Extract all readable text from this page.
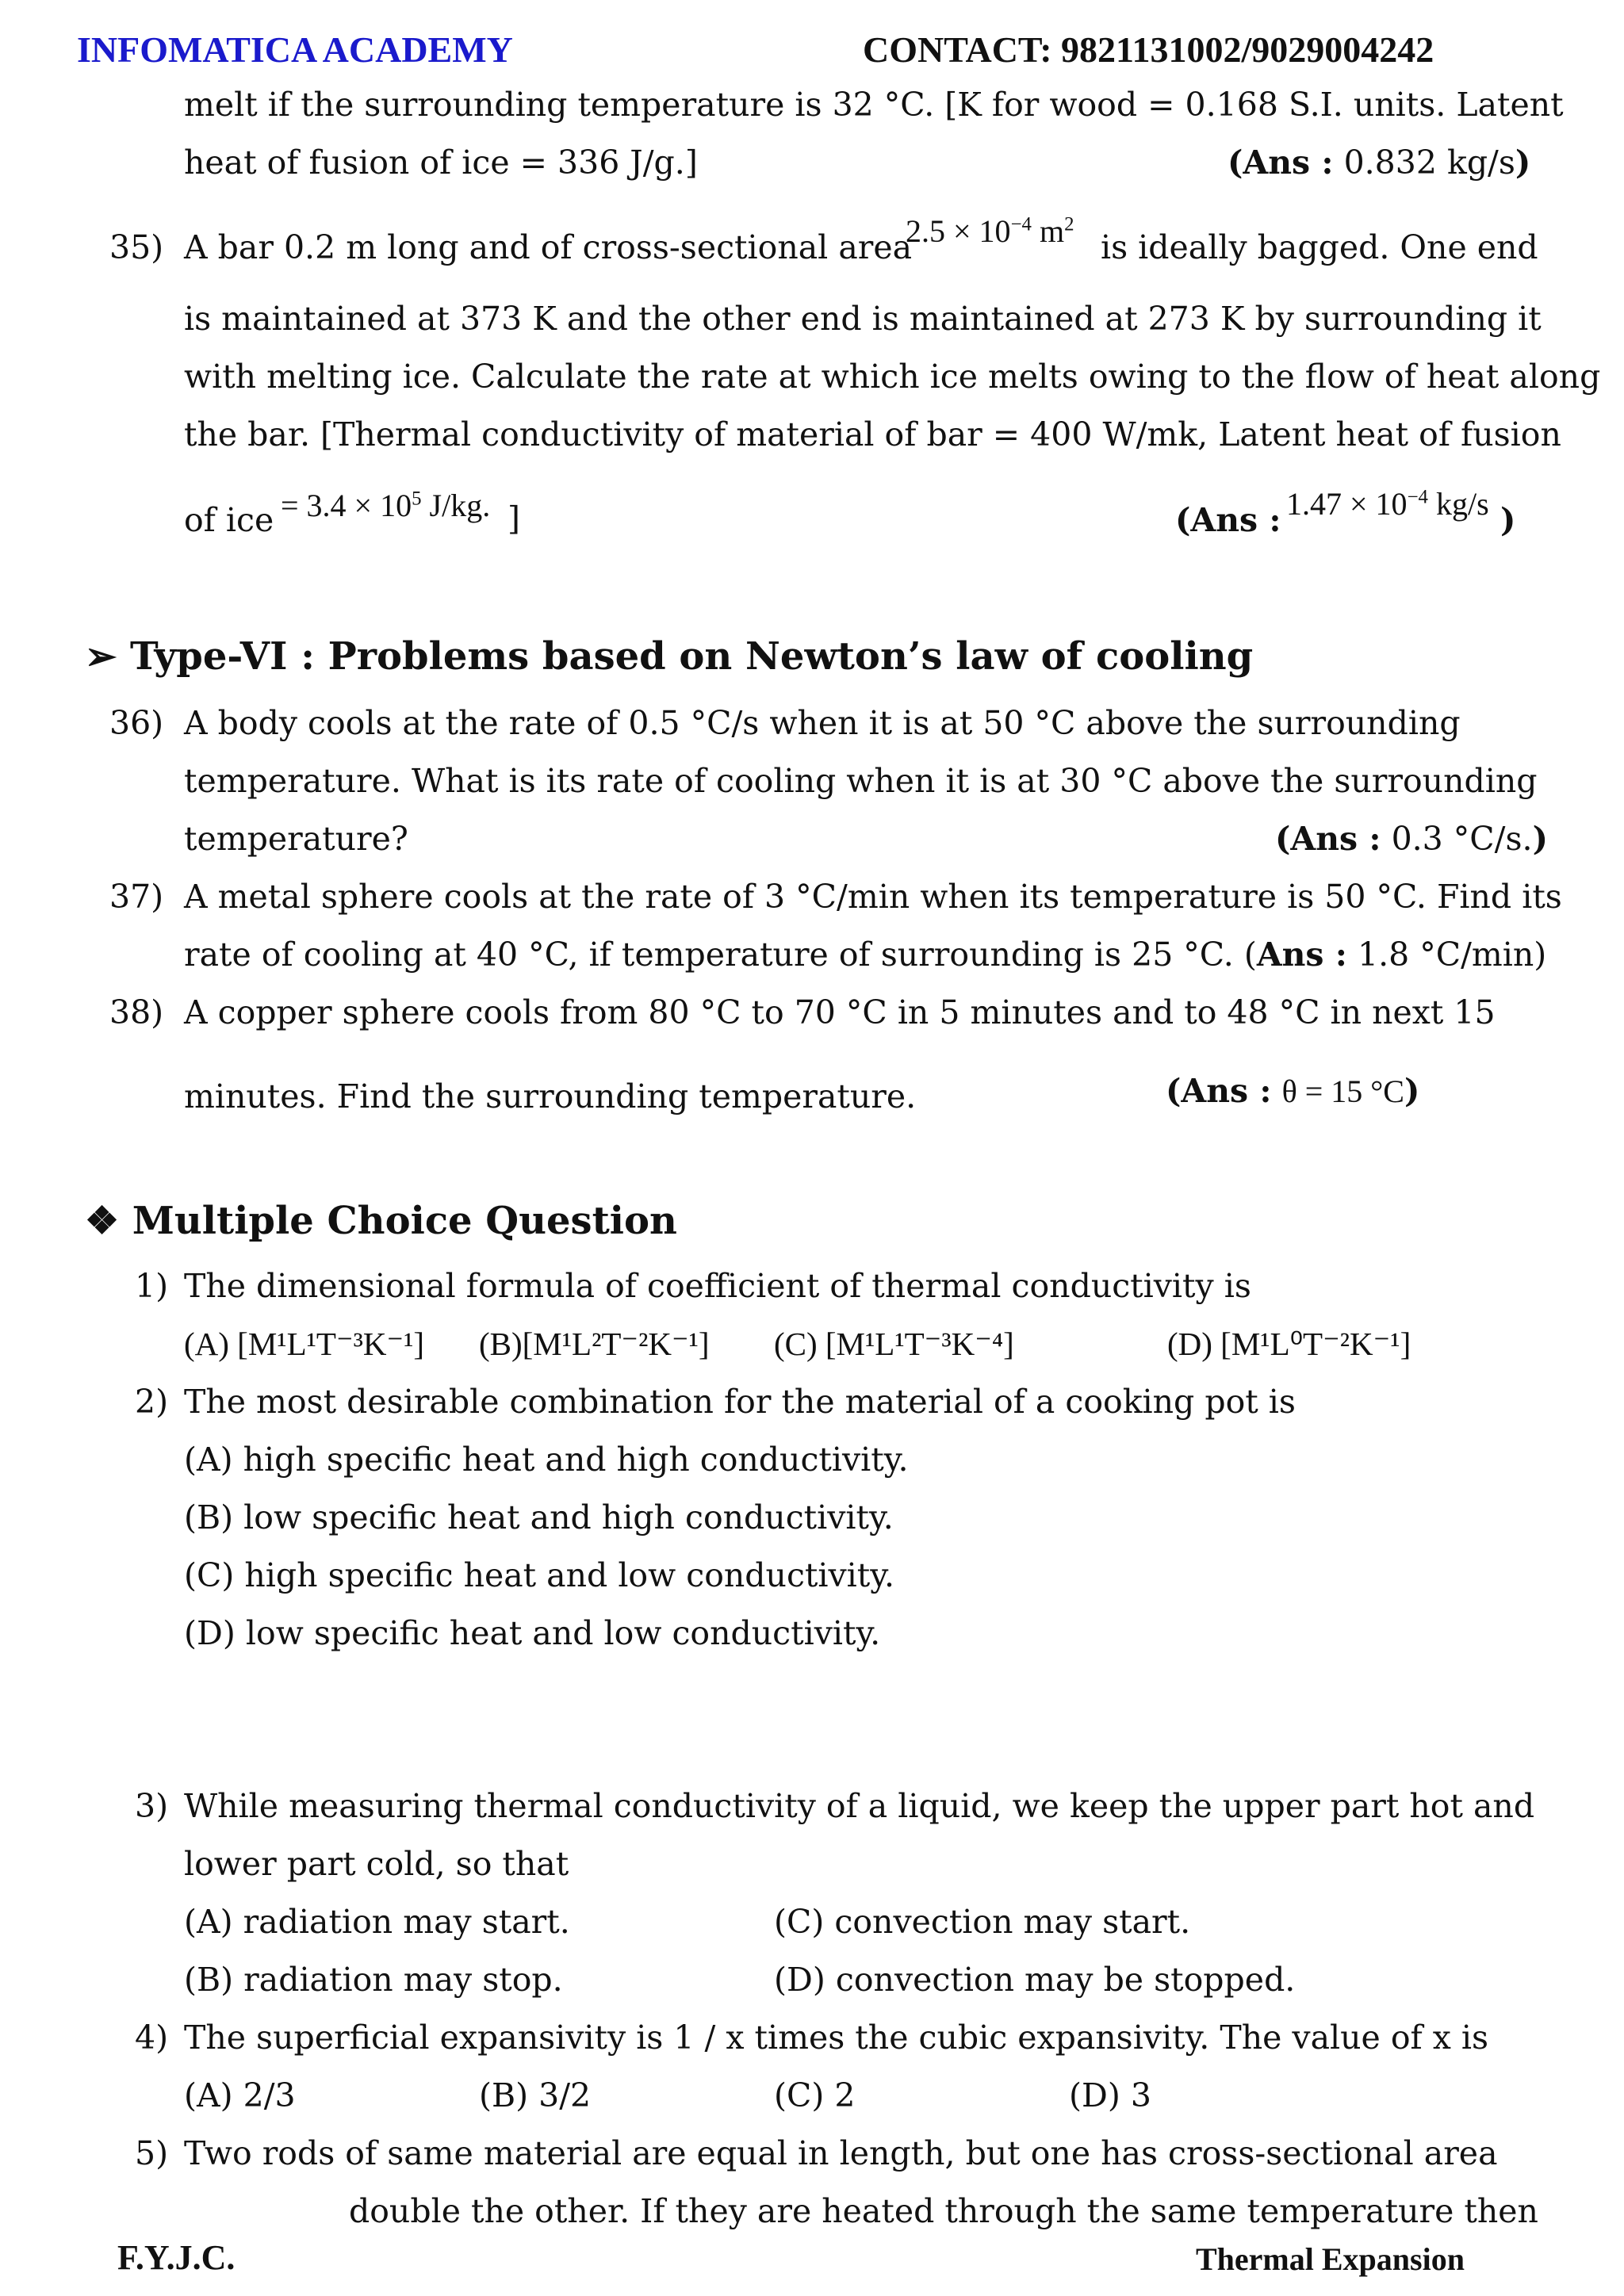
INFOMATICA ACADEMY	CONTACT: 9821131002/9029004242
melt if the surrounding temperature is 32 °C. [K for wood = 0.168 S.I. units. Latent
heat of fusion of ice = 336 J/g.]	(Ans : 0.832 kg/s)
35) A bar 0.2 m long and of cross-sectional area
$2.5 \times 10^{-4}$ $m^2$
is ideally bagged. One end
is maintained at 373 K and the other end is maintained at 273 K by surrounding it
with melting ice. Calculate the rate at which ice melts owing to the flow of heat along
the bar. [Thermal conductivity of material of bar = 400 W/mk, Latent heat of fusion
of ice = $3.4 \times 10^5$ J/kg. ]	(Ans : $1.47 \times 10^{-4}$ kg/s )
➢ Type-VI : Problems based on Newton’s law of cooling
36) A body cools at the rate of 0.5 °C/s when it is at 50 °C above the surrounding
temperature. What is its rate of cooling when it is at 30 °C above the surrounding
temperature?	(Ans : 0.3 °C/s.)
37) A metal sphere cools at the rate of 3 °C/min when its temperature is 50 °C. Find its
rate of cooling at 40 °C, if temperature of surrounding is 25 °C. (Ans : 1.8 °C/min)
38) A copper sphere cools from 80 °C to 70 °C in 5 minutes and to 48 °C in next 15
minutes. Find the surrounding temperature.	(Ans : θ = 15 °C)
❖ Multiple Choice Question
1) The dimensional formula of coefficient of thermal conductivity is
(A) [M¹L¹T⁻³K⁻¹] (B)[M¹L²T⁻²K⁻¹] (C) [M¹L¹T⁻³K⁻⁴]	(D) [M¹L⁰T⁻²K⁻¹]
2) The most desirable combination for the material of a cooking pot is
(A) high specific heat and high conductivity.
(B) low specific heat and high conductivity.
(C) high specific heat and low conductivity.
(D) low specific heat and low conductivity.
3) While measuring thermal conductivity of a liquid, we keep the upper part hot and
lower part cold, so that
(A) radiation may start.	(C) convection may start.
(B) radiation may stop.	(D) convection may be stopped.
4) The superficial expansivity is 1 / x times the cubic expansivity. The value of x is
(A) 2/3	(B) 3/2	(C) 2	(D) 3
5) Two rods of same material are equal in length, but one has cross-sectional area
double the other. If they are heated through the same temperature then
F.Y.J.C.	Thermal Expansion
